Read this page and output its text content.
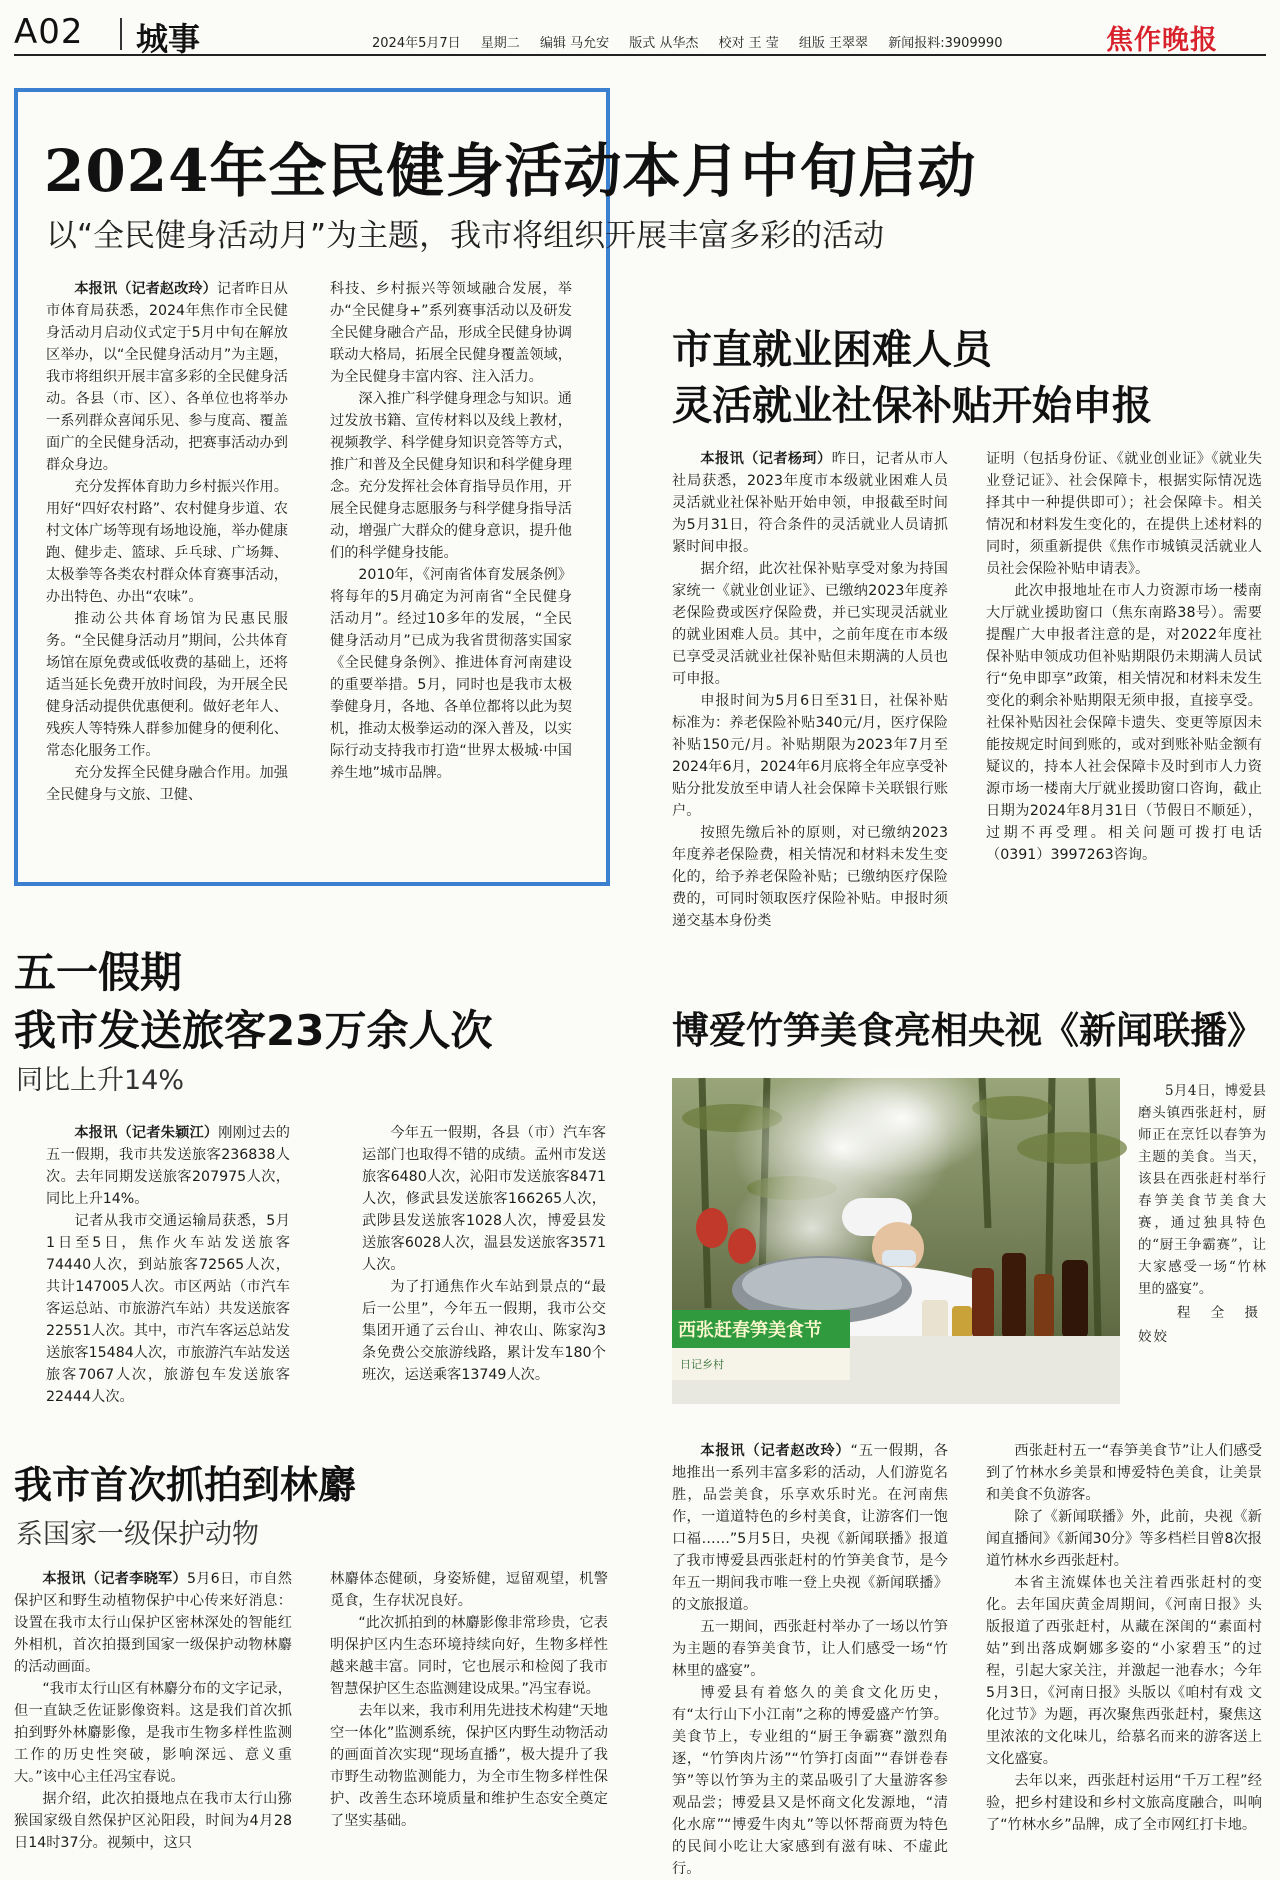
A02 城事	2024年5月7日 星期二 编辑 马允安 版式 从华杰 校对 王 莹 组版 王翠翠 新闻报料:3909990	焦作晚报
2024年全民健身活动本月中旬启动
以“全民健身活动月”为主题，我市将组织开展丰富多彩的活动

本报讯（记者赵改玲）记者昨日从市体育局获悉，2024年焦作市全民健身活动月启动仪式定于5月中旬在解放区举办，以“全民健身活动月”为主题，我市将组织开展丰富多彩的全民健身活动。各县（市、区）、各单位也将举办一系列群众喜闻乐见、参与度高、覆盖面广的全民健身活动，把赛事活动办到群众身边。

充分发挥体育助力乡村振兴作用。用好“四好农村路”、农村健身步道、农村文体广场等现有场地设施，举办健康跑、健步走、篮球、乒乓球、广场舞、太极拳等各类农村群众体育赛事活动，办出特色、办出“农味”。

推动公共体育场馆为民惠民服务。“全民健身活动月”期间，公共体育场馆在原免费或低收费的基础上，还将适当延长免费开放时间段，为开展全民健身活动提供优惠便利。做好老年人、残疾人等特殊人群参加健身的便利化、常态化服务工作。

充分发挥全民健身融合作用。加强全民健身与文旅、卫健、

科技、乡村振兴等领域融合发展，举办“全民健身+”系列赛事活动以及研发全民健身融合产品，形成全民健身协调联动大格局，拓展全民健身覆盖领域，为全民健身丰富内容、注入活力。

深入推广科学健身理念与知识。通过发放书籍、宣传材料以及线上教材，视频教学、科学健身知识竞答等方式，推广和普及全民健身知识和科学健身理念。充分发挥社会体育指导员作用，开展全民健身志愿服务与科学健身指导活动，增强广大群众的健身意识，提升他们的科学健身技能。

2010年，《河南省体育发展条例》将每年的5月确定为河南省“全民健身活动月”。经过10多年的发展，“全民健身活动月”已成为我省贯彻落实国家《全民健身条例》、推进体育河南建设的重要举措。5月，同时也是我市太极拳健身月，各地、各单位都将以此为契机，推动太极拳运动的深入普及，以实际行动支持我市打造“世界太极城·中国养生地”城市品牌。

市直就业困难人员
灵活就业社保补贴开始申报

本报讯（记者杨珂）昨日，记者从市人社局获悉，2023年度市本级就业困难人员灵活就业社保补贴开始申领，申报截至时间为5月31日，符合条件的灵活就业人员请抓紧时间申报。

据介绍，此次社保补贴享受对象为持国家统一《就业创业证》、已缴纳2023年度养老保险费或医疗保险费，并已实现灵活就业的就业困难人员。其中，之前年度在市本级已享受灵活就业社保补贴但未期满的人员也可申报。

申报时间为5月6日至31日，社保补贴标准为：养老保险补贴340元/月，医疗保险补贴150元/月。补贴期限为2023年7月至2024年6月，2024年6月底将全年应享受补贴分批发放至申请人社会保障卡关联银行账户。

按照先缴后补的原则，对已缴纳2023年度养老保险费，相关情况和材料未发生变化的，给予养老保险补贴；已缴纳医疗保险费的，可同时领取医疗保险补贴。申报时须递交基本身份类

证明（包括身份证、《就业创业证》《就业失业登记证》、社会保障卡，根据实际情况选择其中一种提供即可）；社会保障卡。相关情况和材料发生变化的，在提供上述材料的同时，须重新提供《焦作市城镇灵活就业人员社会保险补贴申请表》。

此次申报地址在市人力资源市场一楼南大厅就业援助窗口（焦东南路38号）。需要提醒广大申报者注意的是，对2022年度社保补贴申领成功但补贴期限仍未期满人员试行“免申即享”政策，相关情况和材料未发生变化的剩余补贴期限无须申报，直接享受。社保补贴因社会保障卡遗失、变更等原因未能按规定时间到账的，或对到账补贴金额有疑议的，持本人社会保障卡及时到市人力资源市场一楼南大厅就业援助窗口咨询，截止日期为2024年8月31日（节假日不顺延），过期不再受理。相关问题可拨打电话（0391）3997263咨询。

五一假期
我市发送旅客23万余人次
同比上升14%

本报讯（记者朱颖江）刚刚过去的五一假期，我市共发送旅客236838人次。去年同期发送旅客207975人次，同比上升14%。

记者从我市交通运输局获悉，5月1日至5日，焦作火车站发送旅客74440人次，到站旅客72565人次，共计147005人次。市区两站（市汽车客运总站、市旅游汽车站）共发送旅客22551人次。其中，市汽车客运总站发送旅客15484人次，市旅游汽车站发送旅客7067人次，旅游包车发送旅客22444人次。

今年五一假期，各县（市）汽车客运部门也取得不错的成绩。孟州市发送旅客6480人次，沁阳市发送旅客8471人次，修武县发送旅客166265人次，武陟县发送旅客1028人次，博爱县发送旅客6028人次，温县发送旅客3571人次。

为了打通焦作火车站到景点的“最后一公里”，今年五一假期，我市公交集团开通了云台山、神农山、陈家沟3条免费公交旅游线路，累计发车180个班次，运送乘客13749人次。

博爱竹笋美食亮相央视《新闻联播》
西张赶春笋美食节
日记乡村

5月4日，博爱县磨头镇西张赶村，厨师正在烹饪以春笋为主题的美食。当天，该县在西张赶村举行春笋美食节美食大赛，通过独具特色的“厨王争霸赛”，让大家感受一场“竹林里的盛宴”。

程 全 摄

姣姣

本报讯（记者赵改玲）“五一假期，各地推出一系列丰富多彩的活动，人们游览名胜，品尝美食，乐享欢乐时光。在河南焦作，一道道特色的乡村美食，让游客们一饱口福……”5月5日，央视《新闻联播》报道了我市博爱县西张赶村的竹笋美食节，是今年五一期间我市唯一登上央视《新闻联播》的文旅报道。

五一期间，西张赶村举办了一场以竹笋为主题的春笋美食节，让人们感受一场“竹林里的盛宴”。

博爱县有着悠久的美食文化历史，有“太行山下小江南”之称的博爱盛产竹笋。美食节上，专业组的“厨王争霸赛”激烈角逐，“竹笋肉片汤”“竹笋打卤面”“春饼卷春笋”等以竹笋为主的菜品吸引了大量游客参观品尝；博爱县又是怀商文化发源地，“清化水席”“博爱牛肉丸”等以怀帮商贾为特色的民间小吃让大家感到有滋有味、不虚此行。

西张赶村五一“春笋美食节”让人们感受到了竹林水乡美景和博爱特色美食，让美景和美食不负游客。

除了《新闻联播》外，此前，央视《新闻直播间》《新闻30分》等多档栏目曾8次报道竹林水乡西张赶村。

本省主流媒体也关注着西张赶村的变化。去年国庆黄金周期间，《河南日报》头版报道了西张赶村，从藏在深闺的“素面村姑”到出落成婀娜多姿的“小家碧玉”的过程，引起大家关注，并激起一池春水；今年5月3日，《河南日报》头版以《咱村有戏 文化过节》为题，再次聚焦西张赶村，聚焦这里浓浓的文化味儿，给慕名而来的游客送上文化盛宴。

去年以来，西张赶村运用“千万工程”经验，把乡村建设和乡村文旅高度融合，叫响了“竹林水乡”品牌，成了全市网红打卡地。

我市首次抓拍到林麝
系国家一级保护动物

本报讯（记者李晓军）5月6日，市自然保护区和野生动植物保护中心传来好消息：设置在我市太行山保护区密林深处的智能红外相机，首次拍摄到国家一级保护动物林麝的活动画面。

“我市太行山区有林麝分布的文字记录，但一直缺乏佐证影像资料。这是我们首次抓拍到野外林麝影像，是我市生物多样性监测工作的历史性突破，影响深远、意义重大。”该中心主任冯宝春说。

据介绍，此次拍摄地点在我市太行山猕猴国家级自然保护区沁阳段，时间为4月28日14时37分。视频中，这只

林麝体态健硕，身姿矫健，逗留观望，机警觅食，生存状况良好。

“此次抓拍到的林麝影像非常珍贵，它表明保护区内生态环境持续向好，生物多样性越来越丰富。同时，它也展示和检阅了我市智慧保护区生态监测建设成果。”冯宝春说。

去年以来，我市利用先进技术构建“天地空一体化”监测系统，保护区内野生动物活动的画面首次实现“现场直播”，极大提升了我市野生动物监测能力，为全市生物多样性保护、改善生态环境质量和维护生态安全奠定了坚实基础。
